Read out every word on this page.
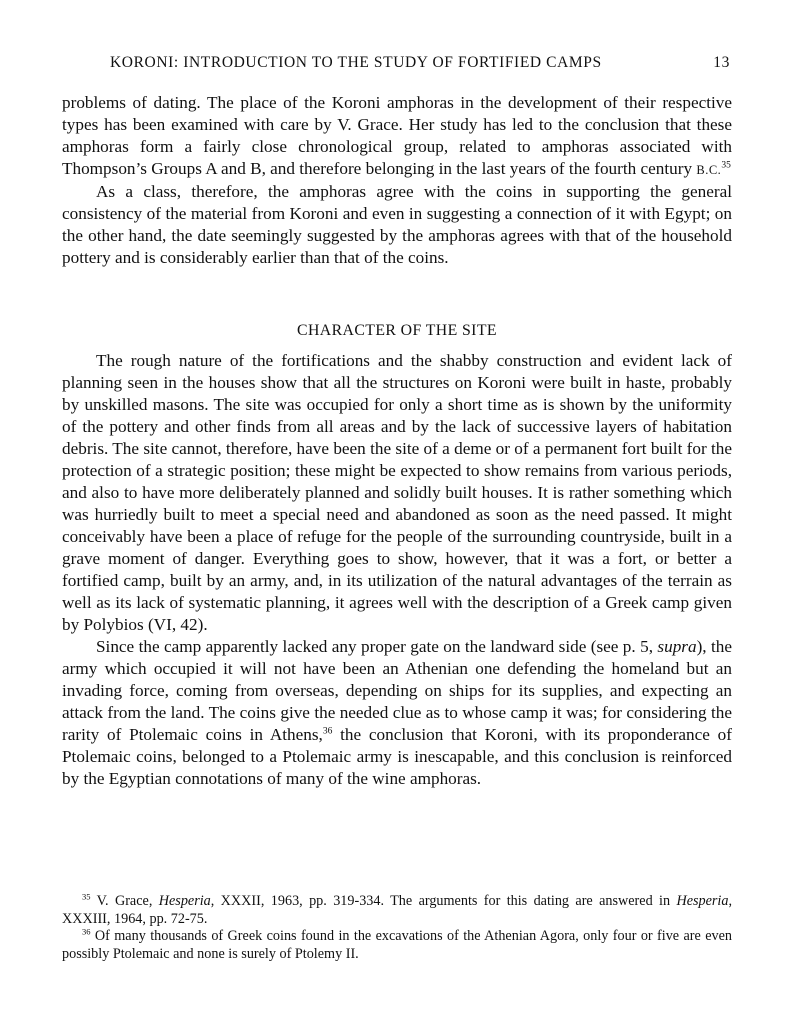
KORONI: INTRODUCTION TO THE STUDY OF FORTIFIED CAMPS	13

problems of dating. The place of the Koroni amphoras in the development of their respective types has been examined with care by V. Grace. Her study has led to the conclusion that these amphoras form a fairly close chronological group, related to amphoras associated with Thompson’s Groups A and B, and therefore belonging in the last years of the fourth century B.C.$^{35}$

As a class, therefore, the amphoras agree with the coins in supporting the general consistency of the material from Koroni and even in suggesting a connection of it with Egypt; on the other hand, the date seemingly suggested by the amphoras agrees with that of the household pottery and is considerably earlier than that of the coins.

CHARACTER OF THE SITE

The rough nature of the fortifications and the shabby construction and evident lack of planning seen in the houses show that all the structures on Koroni were built in haste, probably by unskilled masons. The site was occupied for only a short time as is shown by the uniformity of the pottery and other finds from all areas and by the lack of successive layers of habitation debris. The site cannot, therefore, have been the site of a deme or of a permanent fort built for the protection of a strategic position; these might be expected to show remains from various periods, and also to have more deliberately planned and solidly built houses. It is rather something which was hurriedly built to meet a special need and abandoned as soon as the need passed. It might conceivably have been a place of refuge for the people of the surrounding countryside, built in a grave moment of danger. Everything goes to show, however, that it was a fort, or better a fortified camp, built by an army, and, in its utilization of the natural advantages of the terrain as well as its lack of systematic planning, it agrees well with the description of a Greek camp given by Polybios (VI, 42).

Since the camp apparently lacked any proper gate on the landward side (see p. 5, supra), the army which occupied it will not have been an Athenian one defending the homeland but an invading force, coming from overseas, depending on ships for its supplies, and expecting an attack from the land. The coins give the needed clue as to whose camp it was; for considering the rarity of Ptolemaic coins in Athens,$^{36}$ the conclusion that Koroni, with its proponderance of Ptolemaic coins, belonged to a Ptolemaic army is inescapable, and this conclusion is reinforced by the Egyptian connotations of many of the wine amphoras.

$^{35}$ V. Grace, Hesperia, XXXII, 1963, pp. 319-334. The arguments for this dating are answered in Hesperia, XXXIII, 1964, pp. 72-75.

$^{36}$ Of many thousands of Greek coins found in the excavations of the Athenian Agora, only four or five are even possibly Ptolemaic and none is surely of Ptolemy II.
